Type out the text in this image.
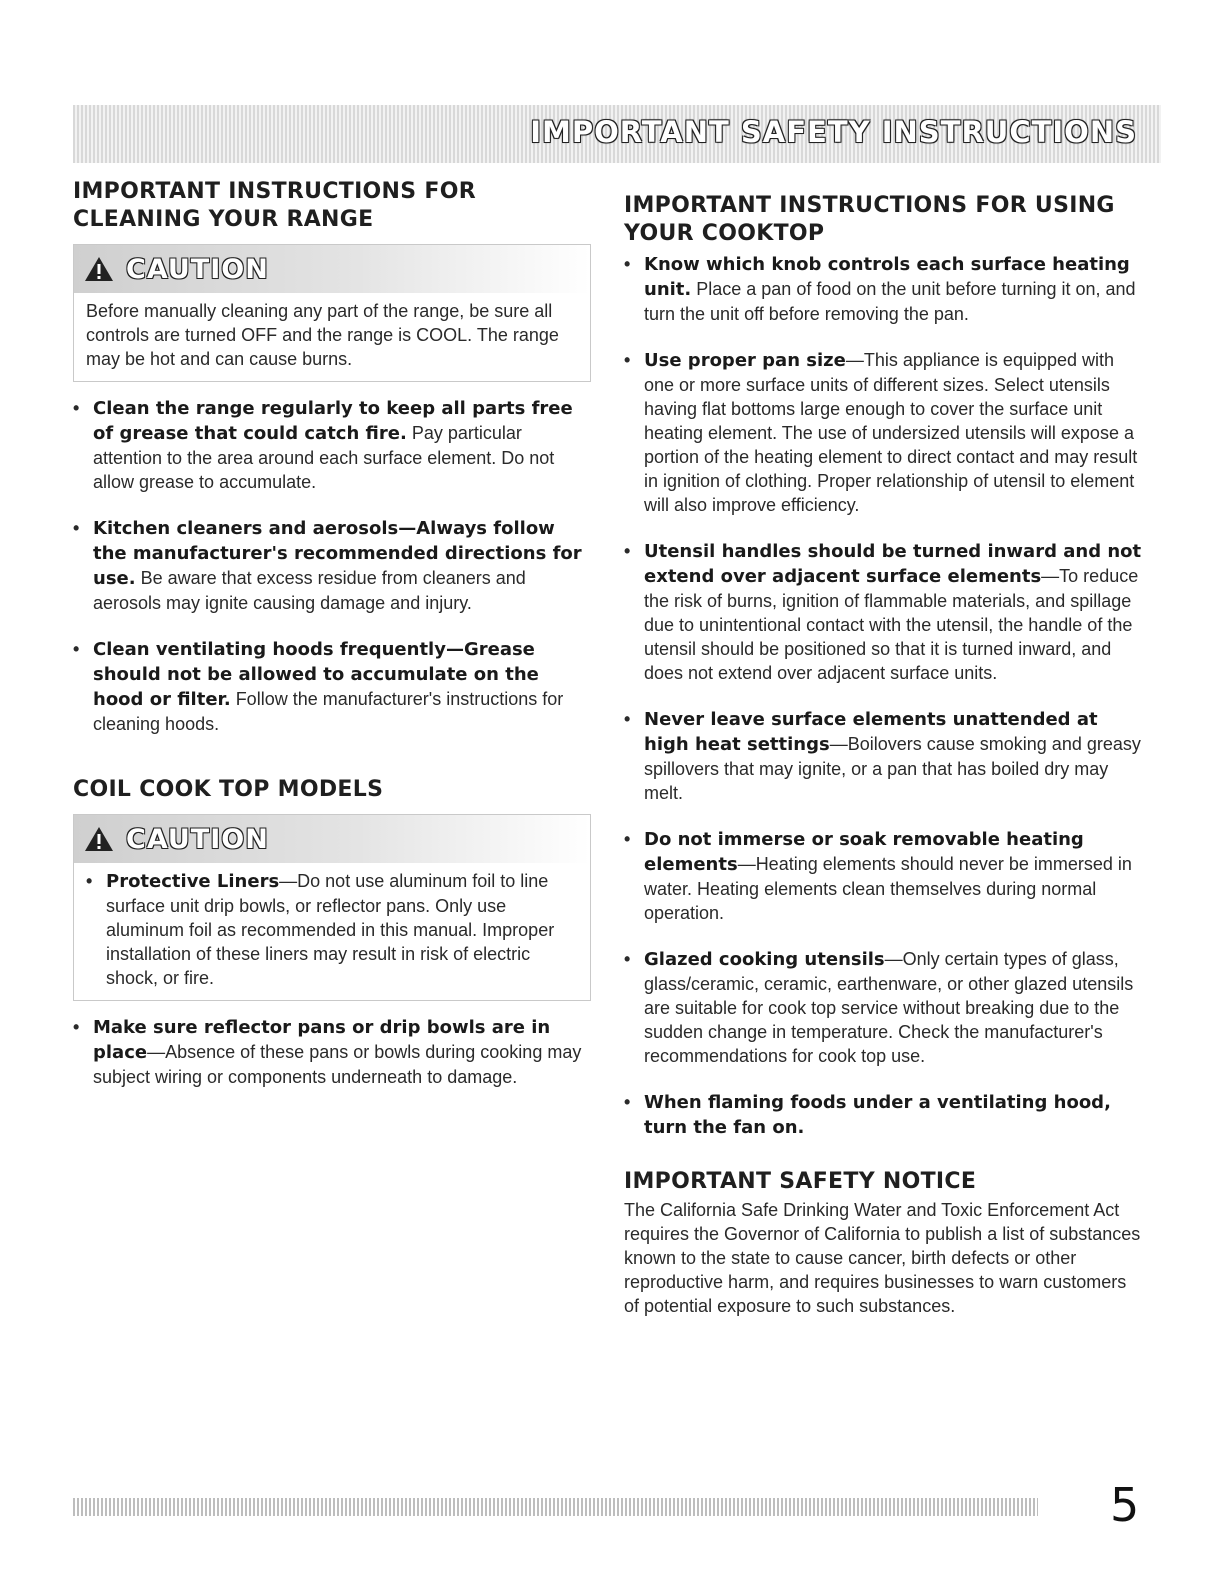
IMPORTANT SAFETY INSTRUCTIONS
IMPORTANT INSTRUCTIONS FOR CLEANING YOUR RANGE
CAUTION
Before manually cleaning any part of the range, be sure all controls are turned OFF and the range is COOL. The range may be hot and can cause burns.
• Clean the range regularly to keep all parts free of grease that could catch fire. Pay particular attention to the area around each surface element. Do not allow grease to accumulate.
• Kitchen cleaners and aerosols—Always follow the manufacturer's recommended directions for use. Be aware that excess residue from cleaners and aerosols may ignite causing damage and injury.
• Clean ventilating hoods frequently—Grease should not be allowed to accumulate on the hood or filter. Follow the manufacturer's instructions for cleaning hoods.
COIL COOK TOP MODELS
CAUTION
• Protective Liners—Do not use aluminum foil to line surface unit drip bowls, or reflector pans. Only use aluminum foil as recommended in this manual. Improper installation of these liners may result in risk of electric shock, or fire.
• Make sure reflector pans or drip bowls are in place—Absence of these pans or bowls during cooking may subject wiring or components underneath to damage.
IMPORTANT INSTRUCTIONS FOR USING YOUR COOKTOP
• Know which knob controls each surface heating unit. Place a pan of food on the unit before turning it on, and turn the unit off before removing the pan.
• Use proper pan size—This appliance is equipped with one or more surface units of different sizes. Select utensils having flat bottoms large enough to cover the surface unit heating element. The use of undersized utensils will expose a portion of the heating element to direct contact and may result in ignition of clothing. Proper relationship of utensil to element will also improve efficiency.
• Utensil handles should be turned inward and not extend over adjacent surface elements—To reduce the risk of burns, ignition of flammable materials, and spillage due to unintentional contact with the utensil, the handle of the utensil should be positioned so that it is turned inward, and does not extend over adjacent surface units.
• Never leave surface elements unattended at high heat settings—Boilovers cause smoking and greasy spillovers that may ignite, or a pan that has boiled dry may melt.
• Do not immerse or soak removable heating elements—Heating elements should never be immersed in water. Heating elements clean themselves during normal operation.
• Glazed cooking utensils—Only certain types of glass, glass/ceramic, ceramic, earthenware, or other glazed utensils are suitable for cook top service without breaking due to the sudden change in temperature. Check the manufacturer's recommendations for cook top use.
• When flaming foods under a ventilating hood, turn the fan on.
IMPORTANT SAFETY NOTICE
The California Safe Drinking Water and Toxic Enforcement Act requires the Governor of California to publish a list of substances known to the state to cause cancer, birth defects or other reproductive harm, and requires businesses to warn customers of potential exposure to such substances.
5
